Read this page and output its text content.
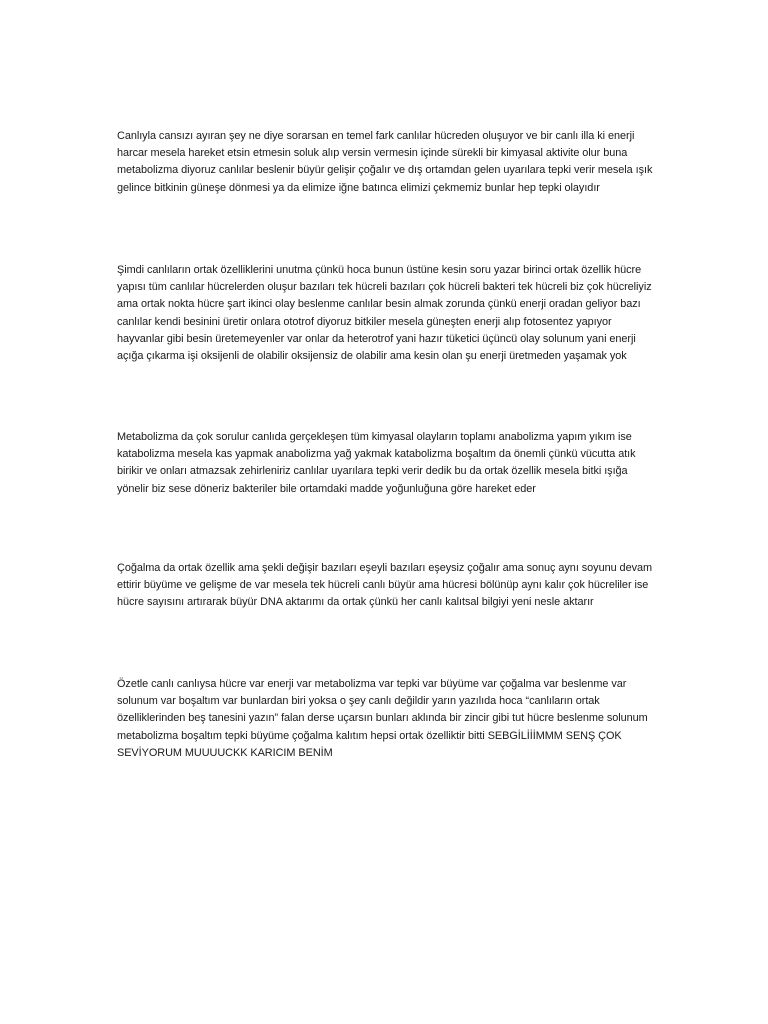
Canlıyla cansızı ayıran şey ne diye sorarsan en temel fark canlılar hücreden oluşuyor ve bir canlı illa ki enerji harcar mesela hareket etsin etmesin soluk alıp versin vermesin içinde sürekli bir kimyasal aktivite olur buna metabolizma diyoruz canlılar beslenir büyür gelişir çoğalır ve dış ortamdan gelen uyarılara tepki verir mesela ışık gelince bitkinin güneşe dönmesi ya da elimize iğne batınca elimizi çekmemiz bunlar hep tepki olayıdır

Şimdi canlıların ortak özelliklerini unutma çünkü hoca bunun üstüne kesin soru yazar birinci ortak özellik hücre yapısı tüm canlılar hücrelerden oluşur bazıları tek hücreli bazıları çok hücreli bakteri tek hücreli biz çok hücreliyiz ama ortak nokta hücre şart ikinci olay beslenme canlılar besin almak zorunda çünkü enerji oradan geliyor bazı canlılar kendi besinini üretir onlara ototrof diyoruz bitkiler mesela güneşten enerji alıp fotosentez yapıyor hayvanlar gibi besin üretemeyenler var onlar da heterotrof yani hazır tüketici üçüncü olay solunum yani enerji açığa çıkarma işi oksijenli de olabilir oksijensiz de olabilir ama kesin olan şu enerji üretmeden yaşamak yok

Metabolizma da çok sorulur canlıda gerçekleşen tüm kimyasal olayların toplamı anabolizma yapım yıkım ise katabolizma mesela kas yapmak anabolizma yağ yakmak katabolizma boşaltım da önemli çünkü vücutta atık birikir ve onları atmazsak zehirleniriz canlılar uyarılara tepki verir dedik bu da ortak özellik mesela bitki ışığa yönelir biz sese döneriz bakteriler bile ortamdaki madde yoğunluğuna göre hareket eder

Çoğalma da ortak özellik ama şekli değişir bazıları eşeyli bazıları eşeysiz çoğalır ama sonuç aynı soyunu devam ettirir büyüme ve gelişme de var mesela tek hücreli canlı büyür ama hücresi bölünüp aynı kalır çok hücreliler ise hücre sayısını artırarak büyür DNA aktarımı da ortak çünkü her canlı kalıtsal bilgiyi yeni nesle aktarır

Özetle canlı canlıysa hücre var enerji var metabolizma var tepki var büyüme var çoğalma var beslenme var solunum var boşaltım var bunlardan biri yoksa o şey canlı değildir yarın yazılıda hoca “canlıların ortak özelliklerinden beş tanesini yazın” falan derse uçarsın bunları aklında bir zincir gibi tut hücre beslenme solunum metabolizma boşaltım tepki büyüme çoğalma kalıtım hepsi ortak özelliktir bitti SEBGİLİİİMMM SENŞ ÇOK SEVİYORUM MUUUUCKK KARICIM BENİM
